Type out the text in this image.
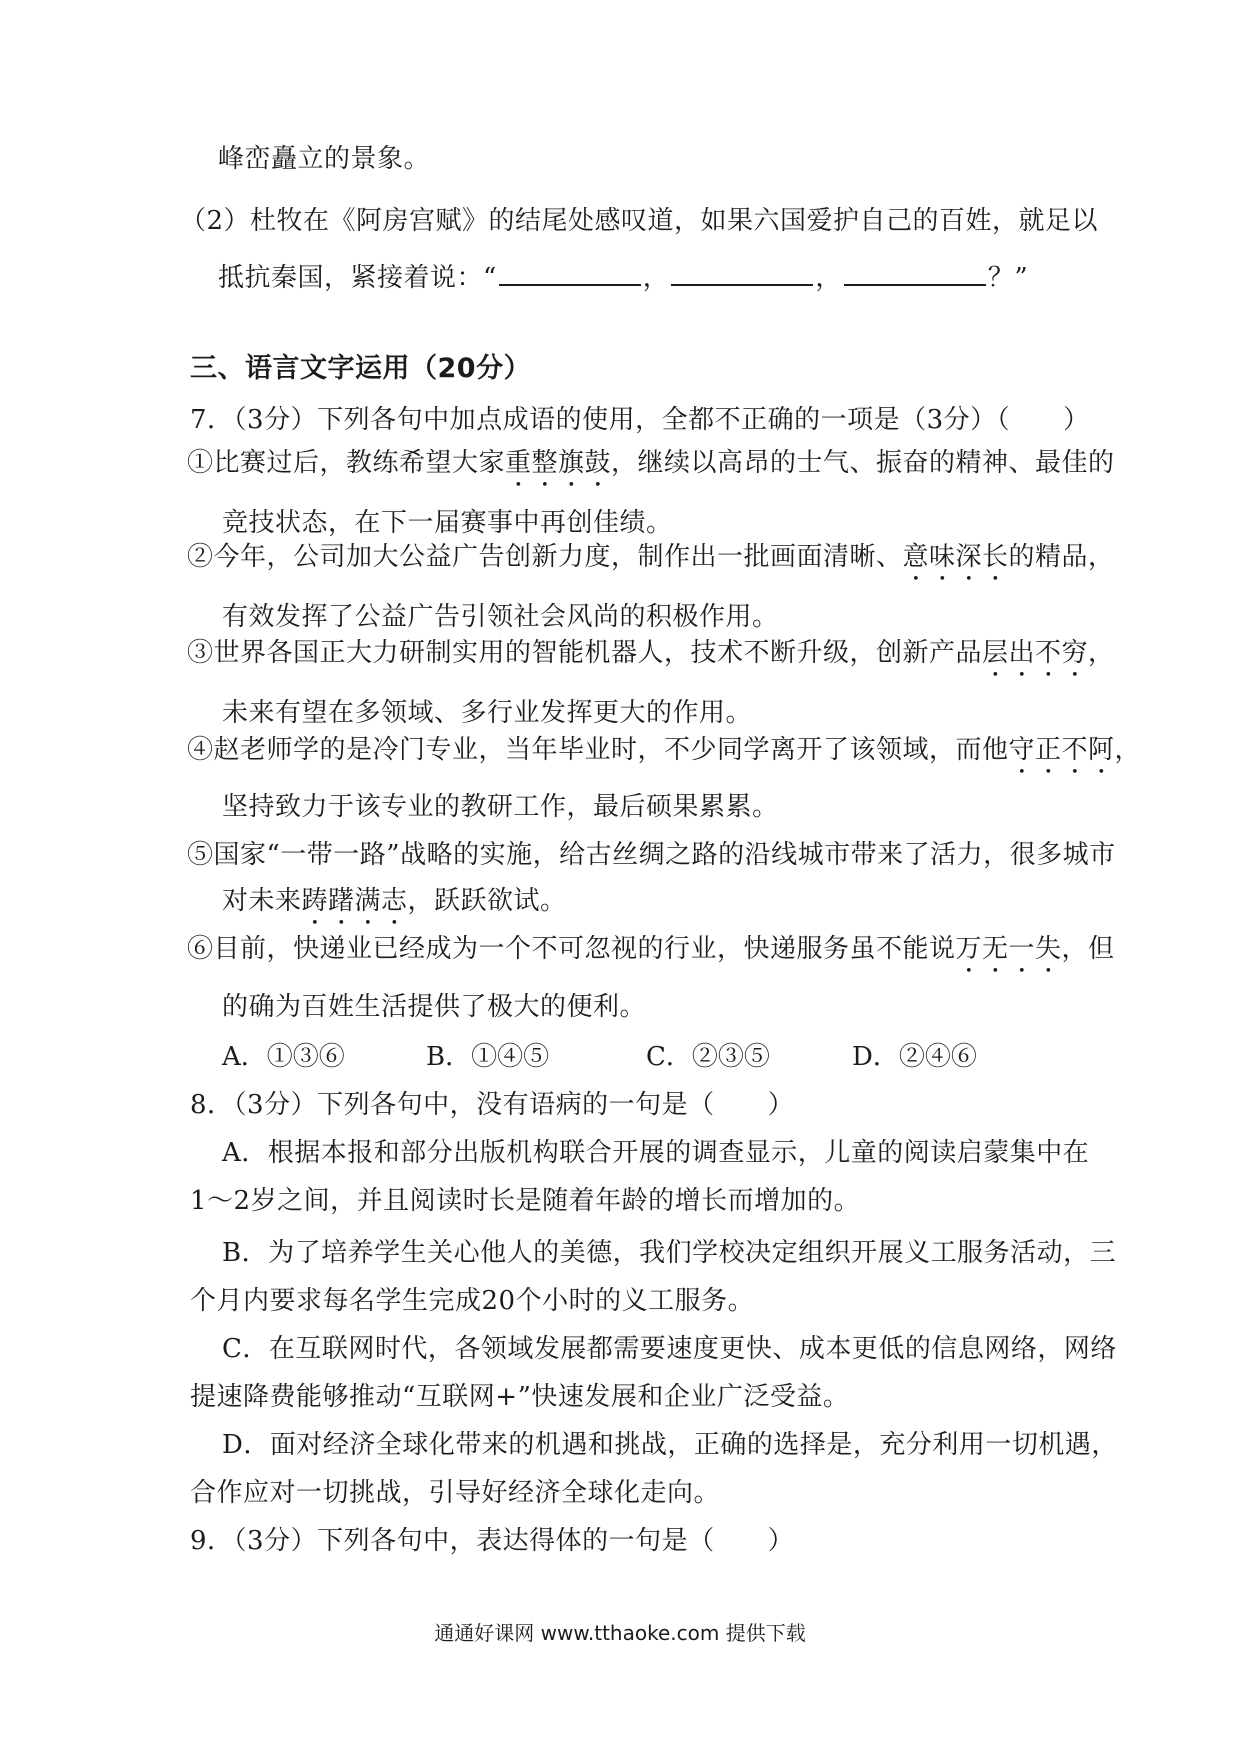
峰峦矗立的景象。
（2）杜牧在《阿房宫赋》的结尾处感叹道，如果六国爱护自己的百姓，就足以
抵抗秦国，紧接着说：“	，	，	？”
三、语言文字运用（20分）
7．（3分）下列各句中加点成语的使用，全都不正确的一项是（3分）（　　）
①比赛过后，教练希望大家重整旗鼓，继续以高昂的士气、振奋的精神、最佳的
竞技状态，在下一届赛事中再创佳绩。
②今年，公司加大公益广告创新力度，制作出一批画面清晰、意味深长的精品，
有效发挥了公益广告引领社会风尚的积极作用。
③世界各国正大力研制实用的智能机器人，技术不断升级，创新产品层出不穷，
未来有望在多领域、多行业发挥更大的作用。
④赵老师学的是冷门专业，当年毕业时，不少同学离开了该领域，而他守正不阿，
坚持致力于该专业的教研工作，最后硕果累累。
⑤国家“一带一路”战略的实施，给古丝绸之路的沿线城市带来了活力，很多城市
对未来踌躇满志，跃跃欲试。
⑥目前，快递业已经成为一个不可忽视的行业，快递服务虽不能说万无一失，但
的确为百姓生活提供了极大的便利。
A．①③⑥	B．①④⑤	C．②③⑤	D．②④⑥
8．（3分）下列各句中，没有语病的一句是（　　）
A．根据本报和部分出版机构联合开展的调查显示，儿童的阅读启蒙集中在
1～2岁之间，并且阅读时长是随着年龄的增长而增加的。
B．为了培养学生关心他人的美德，我们学校决定组织开展义工服务活动，三
个月内要求每名学生完成20个小时的义工服务。
C．在互联网时代，各领域发展都需要速度更快、成本更低的信息网络，网络
提速降费能够推动“互联网+”快速发展和企业广泛受益。
D．面对经济全球化带来的机遇和挑战，正确的选择是，充分利用一切机遇，
合作应对一切挑战，引导好经济全球化走向。
9．（3分）下列各句中，表达得体的一句是（　　）
通通好课网 www.tthaoke.com 提供下载
